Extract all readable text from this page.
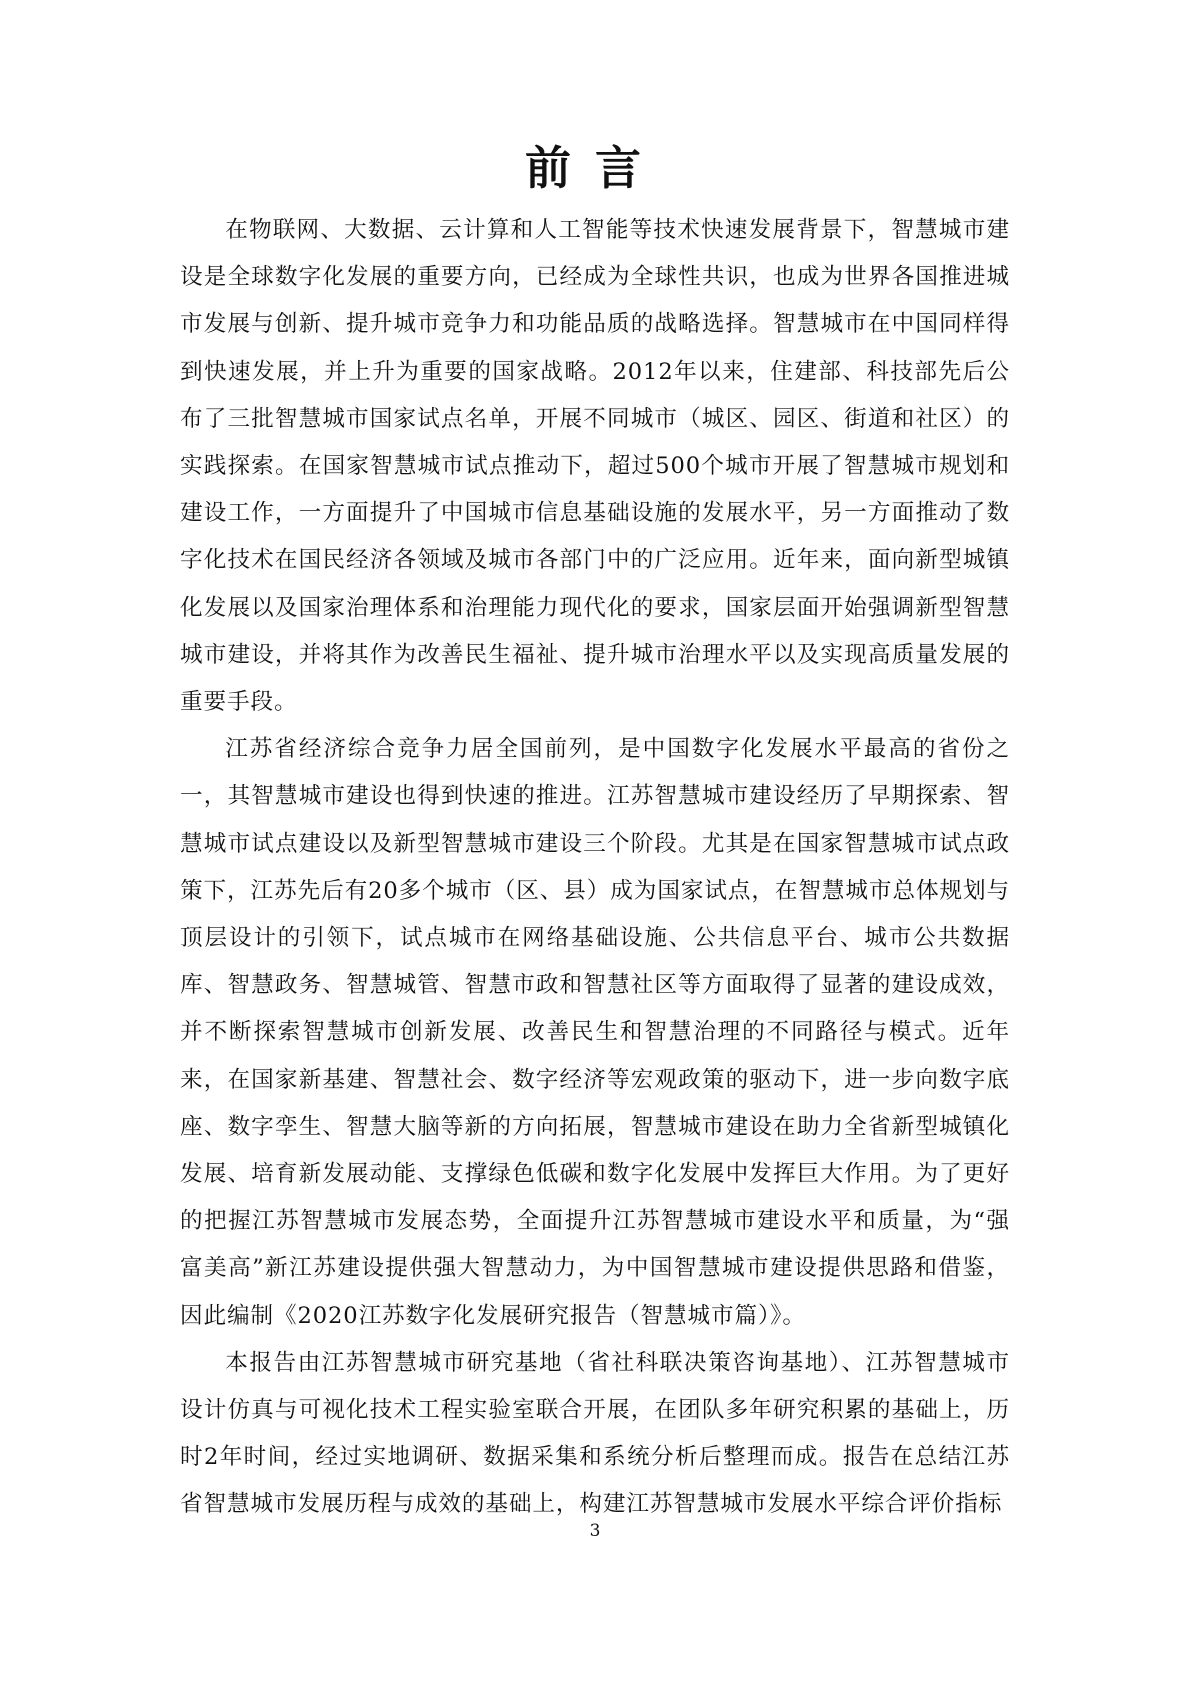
前言

在物联网、大数据、云计算和人工智能等技术快速发展背景下，智慧城市建设是全球数字化发展的重要方向，已经成为全球性共识，也成为世界各国推进城市发展与创新、提升城市竞争力和功能品质的战略选择。智慧城市在中国同样得到快速发展，并上升为重要的国家战略。2012年以来，住建部、科技部先后公布了三批智慧城市国家试点名单，开展不同城市（城区、园区、街道和社区）的实践探索。在国家智慧城市试点推动下，超过500个城市开展了智慧城市规划和建设工作，一方面提升了中国城市信息基础设施的发展水平，另一方面推动了数字化技术在国民经济各领域及城市各部门中的广泛应用。近年来，面向新型城镇化发展以及国家治理体系和治理能力现代化的要求，国家层面开始强调新型智慧城市建设，并将其作为改善民生福祉、提升城市治理水平以及实现高质量发展的重要手段。

江苏省经济综合竞争力居全国前列，是中国数字化发展水平最高的省份之一，其智慧城市建设也得到快速的推进。江苏智慧城市建设经历了早期探索、智慧城市试点建设以及新型智慧城市建设三个阶段。尤其是在国家智慧城市试点政策下，江苏先后有20多个城市（区、县）成为国家试点，在智慧城市总体规划与顶层设计的引领下，试点城市在网络基础设施、公共信息平台、城市公共数据库、智慧政务、智慧城管、智慧市政和智慧社区等方面取得了显著的建设成效，并不断探索智慧城市创新发展、改善民生和智慧治理的不同路径与模式。近年来，在国家新基建、智慧社会、数字经济等宏观政策的驱动下，进一步向数字底座、数字孪生、智慧大脑等新的方向拓展，智慧城市建设在助力全省新型城镇化发展、培育新发展动能、支撑绿色低碳和数字化发展中发挥巨大作用。为了更好的把握江苏智慧城市发展态势，全面提升江苏智慧城市建设水平和质量，为“强富美高”新江苏建设提供强大智慧动力，为中国智慧城市建设提供思路和借鉴，因此编制《2020江苏数字化发展研究报告（智慧城市篇）》。

本报告由江苏智慧城市研究基地（省社科联决策咨询基地）、江苏智慧城市设计仿真与可视化技术工程实验室联合开展，在团队多年研究积累的基础上，历时2年时间，经过实地调研、数据采集和系统分析后整理而成。报告在总结江苏省智慧城市发展历程与成效的基础上，构建江苏智慧城市发展水平综合评价指标

3
